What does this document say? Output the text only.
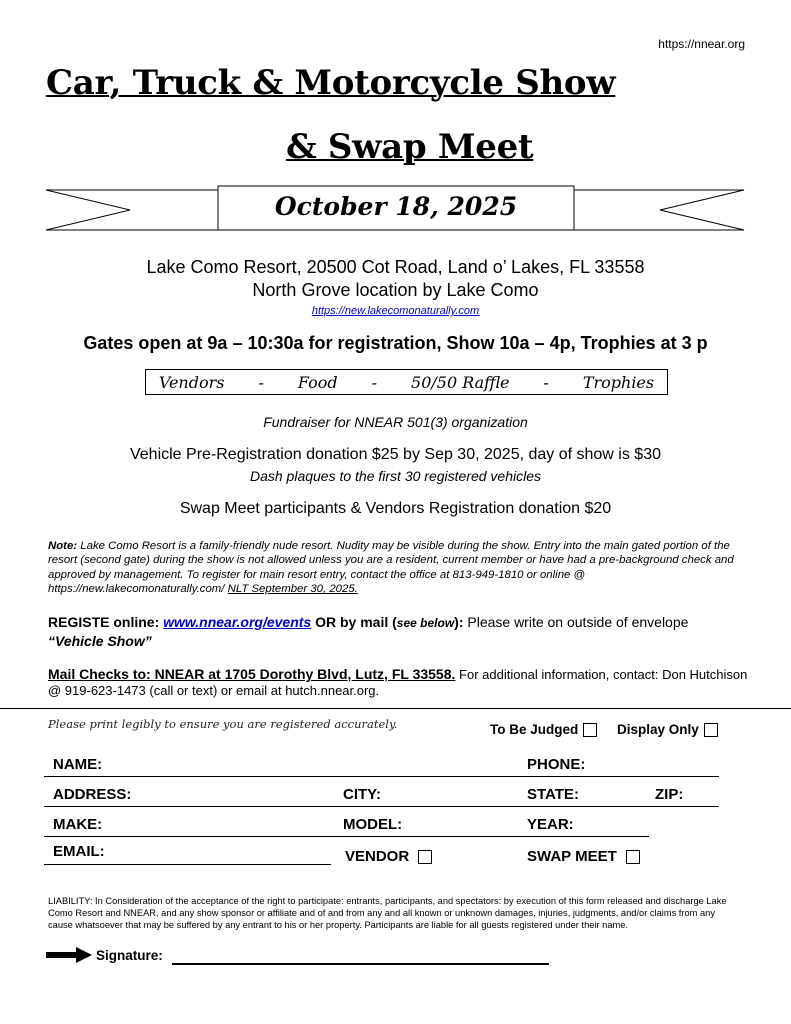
https://nnear.org
Car, Truck & Motorcycle Show
& Swap Meet
October 18, 2025
Lake Como Resort, 20500 Cot Road, Land o’ Lakes, FL 33558
North Grove location by Lake Como
https://new.lakecomonaturally.com
Gates open at 9a – 10:30a for registration, Show 10a – 4p, Trophies at 3 p
Vendors - Food - 50/50 Raffle - Trophies
Fundraiser for NNEAR 501(3) organization
Vehicle Pre-Registration donation $25 by Sep 30, 2025, day of show is $30
Dash plaques to the first 30 registered vehicles
Swap Meet participants & Vendors Registration donation $20
Note: Lake Como Resort is a family-friendly nude resort. Nudity may be visible during the show. Entry into the main gated portion of the resort (second gate) during the show is not allowed unless you are a resident, current member or have had a pre-background check and approved by management. To register for main resort entry, contact the office at 813-949-1810 or online @ https://new.lakecomonaturally.com/ NLT September 30, 2025.
REGISTE online: www.nnear.org/events OR by mail (see below): Please write on outside of envelope “Vehicle Show”
Mail Checks to: NNEAR at 1705 Dorothy Blvd, Lutz, FL 33558. For additional information, contact: Don Hutchison @ 919-623-1473 (call or text) or email at hutch.nnear.org.
Please print legibly to ensure you are registered accurately.	To Be Judged	Display Only
NAME:	PHONE:
ADDRESS:	CITY:	STATE:	ZIP:
MAKE:	MODEL:	YEAR:
EMAIL:	VENDOR	SWAP MEET
LIABILITY: In Consideration of the acceptance of the right to participate: entrants, participants, and spectators: by execution of this form released and discharge Lake Como Resort and NNEAR, and any show sponsor or affiliate and of and from any and all known or unknown damages, injuries, judgments, and/or claims from any cause whatsoever that may be suffered by any entrant to his or her property. Participants are liable for all guests registered under their name.
Signature:
